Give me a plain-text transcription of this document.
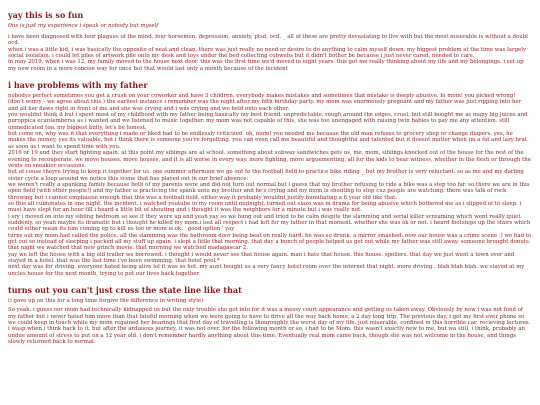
yay this is so fun
this is just my experience i speak or nobody but myself
i have been diagnosed with four plagues of the mind, four horsemen. depression, anxiety, ptsd, ocd. _ all of these are pretty devastating to live with but the most miserable is without a doubt ocd.
when i was a little kid, i was basically the opposite of neat and clean. there was just really no need or desire to do anything to calm myself down. my biggest problem at the time was largely social isolation. i could let piles of artwork pile onto my desk and toys under the bed collecting cobwebs but it didn't bother be because i just never cared, needed to care.
in may 2019, when i was 12, my family moved to the house next door. this was the first time we'd moved in eight years. this got me really thinking about my life and my belongings. i set up my new room in a more concise way for once but that would last only a month because of the incident
i have problems with my father
nobodys perfect sometimes you get a crush on your coworker and have 3 children. everybody makes mistakes and sometimes that mistake is deeply abusive. hi mom! you picked wrong! (don't worry - we agree about this.) the earliest instance i remember was the night after my fifth birthday party. my mom was enormously pregnant and my father was just ripping into her and all her flaws right in front of me and she was crying and i was crying and we held onto each other.
you wouldnt think it but i spent most of my childhood with my father being basically my best friend. unpredictable, rough around the edges, cruel, but still bought me as many big juices and puroppica ecantemberss as i wanted and we listened to music together. my mom was not capable of this, she was too unengaged with raising twin babies to pay me any attention. still unmedicated too. my biggest bully, let's be honest.
but come on, why was it that everything i made or liked had to be endlessly criticized. oh, mom! you needed me because the old man refuses to grocery shop or change diapers. yes, he makes the money, yes its valuable, but i think there is someone you're forgetting. you can even call me beautiful and thoughtful and talented but it doesnt matter when im a fat and lazy brat as soon as i want to spend time with you.
2016 or 19 and they start fighting again. at this point my siblings are at school. something about subway sandwiches gets us, me, mom, siblings knocked out of the house for the rest of the evening to recouperate. we move houses. move houses, and it is all worse in every way. more fighting, more arguementing. all for the kids to bear witness, whether in the flesh or through the vents on sneakier occasions.
but of couse theyre trying to keep it together for us. one summer afternoon we go out to the football field to practice bike riding _ but my brother is very reluctant. so as me and my darling sister cycle a loop around we notice this scene that has played out in our brief absence:
we weren't really a spanking family because both of my parents were and did not turn out normal but i guess that my brother refusing to ride a bike was a step too far. so there we are in this open field (with other people!) and my father is practicing the spank unto my brother and he's crying and my mom is shouting to stop cuz people are watching. there was talk of rock throwing but i cannot emphasise enough that this was a football field. either way it probably wouldnt justify humiliating a 6 year old like that.
so this all culminates in one night. the incident. i watched youtube in my room until midnight. turned out slazo was in drama for being abusive which bothered me as i slipped of to sleep. i must have slept for an hour till i heard a little bit of shouting and i thought it was the neighbors for a minute but i was really not.
i sry i moved on into my sibling bedroom so see if they were up and yeah yay so we hung out and tried to be calm despite the slamming and serial killer screaming which went really quiet suddenly. so yeah maybe its dramatic but i thought he killed my mom.i lost all respect i had left for my father in that moment. whether she was ok or not. i heard footsteps up the stairs which could either mean its him coming up to kill us too or mom is ok. ' good option ' yay
turns out my mom had called the police. all the slamming was the bathroom door being beat on really hard. he was so drunk. a mirror smashed. now our house was a crime scene :) we had to get out so instead of sleeping i packed all my stuff up again. i slept a little that morning. that day a bunch of people helped us get out while my father was still away. someone brought donuts. that night we watched that new grinch movie. that morning we watched madagascar 2.
yay we left the house with a big old trailer we borrowed. i thought i would never see that house again. man i hate that house. this house. spoilers. that day we just went a town over and stayed in a hotel. that was the last time i've been swimming. that hotel pool.*
next day was for driving. everyone hated being alive lol it was so hot. my aunt bought us a very fancy hotel room over the internet that night. more driving . blah blah blah. we stayed at my uncles house for the next month, trying to put our lives back together
turns out you can't just cross the state line like that
(i gave up on this for a long time forgive the difference in writing style)
So yeah. i guess our mom had technically kidnapped us but the only trouble she got into for it was a messy court appearance and getting us taken away. Obviously by now i was not fond of my father but i never hated him more than that fateful morning when we were going to have to drive all the way back home, a 2 day long trip. The previous day, i got my first ever phone so we could keep in touch while my mom regained her bearings that first day of travelling is thouroughly the worst day of my life. just miserable, confined in this horrible car, recieving lectures. i wasp when i think back to it. but after the arduoous journey, it was not over. for the following month or so, i had to be Mom. this wasn't exactly new to me, but wa still, i think, probably an undue amount of stress to put on a 12 year old. i don't remember hardly anything about this time. Eventually real mom came back, though she was not welcome in the house, and things slowly returned back to normal.
